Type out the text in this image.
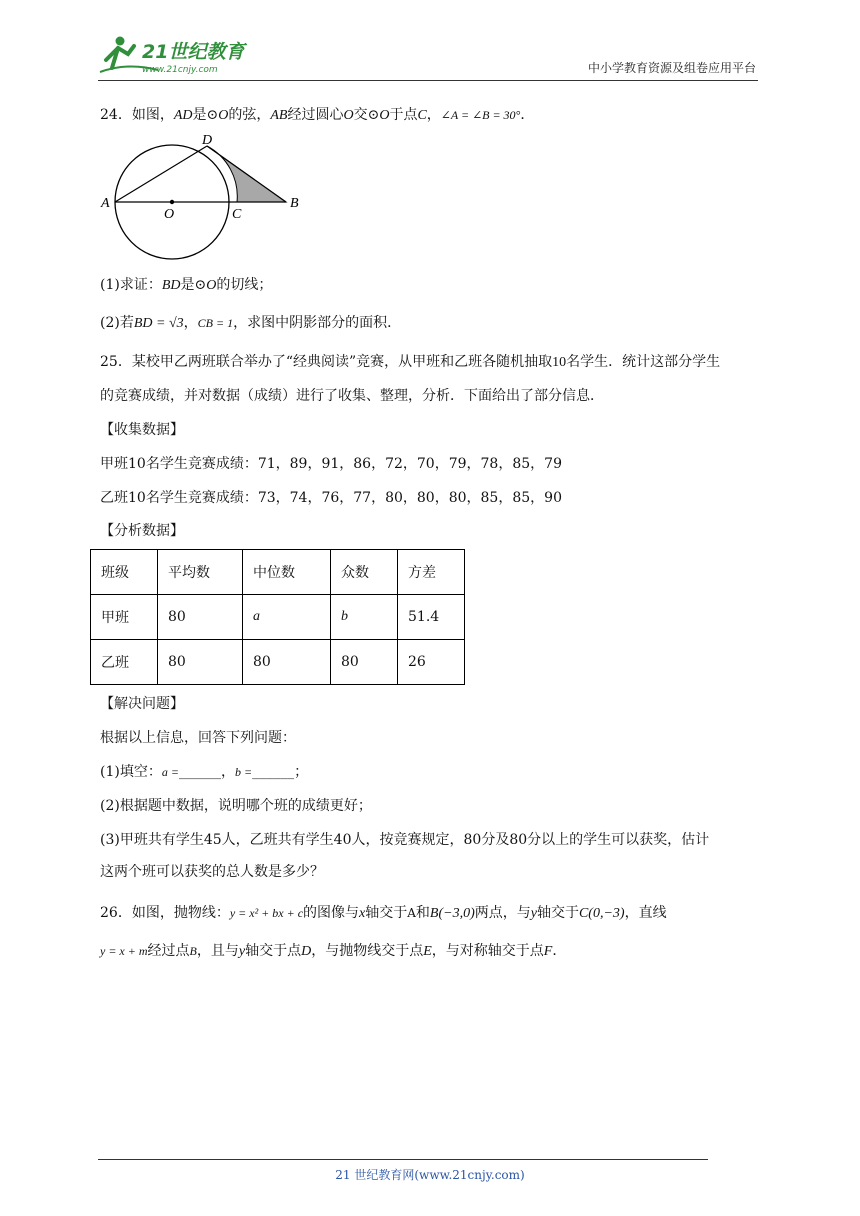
21世纪教育
www.21cnjy.com	中小学教育资源及组卷应用平台
24．如图，AD是⊙O的弦，AB经过圆心O交⊙O于点C，∠A = ∠B = 30°．
A
O	C
B
D
(1)求证：BD是⊙O的切线；
(2)若BD = √3，CB = 1，求图中阴影部分的面积．
25．某校甲乙两班联合举办了“经典阅读”竞赛，从甲班和乙班各随机抽取10名学生．统计这部分学生
的竞赛成绩，并对数据（成绩）进行了收集、整理，分析．下面给出了部分信息．
【收集数据】
甲班10名学生竞赛成绩：71，89，91，86，72，70，79，78，85，79
乙班10名学生竞赛成绩：73，74，76，77，80，80，80，85，85，90
【分析数据】
班级	平均数	中位数	众数	方差
甲班	80	a	b	51.4
乙班	80	80	80	26
【解决问题】
根据以上信息，回答下列问题：
(1)填空：a =______，b =______；
(2)根据题中数据，说明哪个班的成绩更好；
(3)甲班共有学生45人，乙班共有学生40人，按竞赛规定，80分及80分以上的学生可以获奖，估计
这两个班可以获奖的总人数是多少？
26．如图，抛物线：y = x² + bx + c的图像与x轴交于A和B(−3,0)两点，与y轴交于C(0,−3)，直线
y = x + m经过点B，且与y轴交于点D，与抛物线交于点E，与对称轴交于点F．
21 世纪教育网(www.21cnjy.com)
